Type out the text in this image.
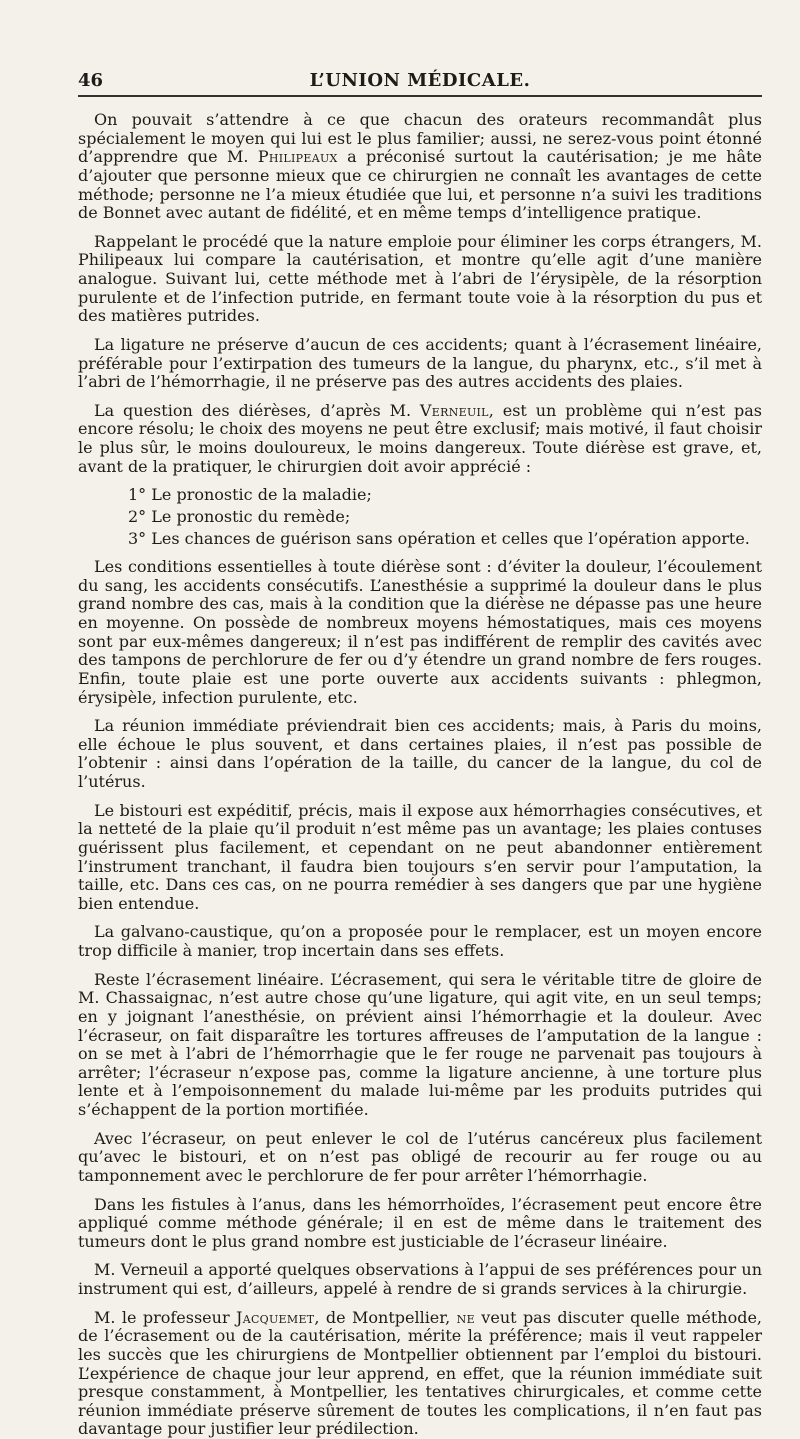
46	L’UNION MÉDICALE.

On pouvait s’attendre à ce que chacun des orateurs recommandât plus spécialement le moyen qui lui est le plus familier; aussi, ne serez-vous point étonné d’apprendre que M. Philipeaux a préconisé surtout la cautérisation; je me hâte d’ajouter que personne mieux que ce chirurgien ne connaît les avantages de cette méthode; personne ne l’a mieux étudiée que lui, et personne n’a suivi les traditions de Bonnet avec autant de fidélité, et en même temps d’intelligence pratique.

Rappelant le procédé que la nature emploie pour éliminer les corps étrangers, M. Philipeaux lui compare la cautérisation, et montre qu’elle agit d’une manière analogue. Suivant lui, cette méthode met à l’abri de l’érysipèle, de la résorption purulente et de l’infection putride, en fermant toute voie à la résorption du pus et des matières putrides.

La ligature ne préserve d’aucun de ces accidents; quant à l’écrasement linéaire, préférable pour l’extirpation des tumeurs de la langue, du pharynx, etc., s’il met à l’abri de l’hémorrhagie, il ne préserve pas des autres accidents des plaies.

La question des diérèses, d’après M. Verneuil, est un problème qui n’est pas encore résolu; le choix des moyens ne peut être exclusif; mais motivé, il faut choisir le plus sûr, le moins douloureux, le moins dangereux. Toute diérèse est grave, et, avant de la pratiquer, le chirurgien doit avoir apprécié :

1° Le pronostic de la maladie;

2° Le pronostic du remède;

3° Les chances de guérison sans opération et celles que l’opération apporte.

Les conditions essentielles à toute diérèse sont : d’éviter la douleur, l’écoulement du sang, les accidents consécutifs. L’anesthésie a supprimé la douleur dans le plus grand nombre des cas, mais à la condition que la diérèse ne dépasse pas une heure en moyenne. On possède de nombreux moyens hémostatiques, mais ces moyens sont par eux-mêmes dangereux; il n’est pas indifférent de remplir des cavités avec des tampons de perchlorure de fer ou d’y étendre un grand nombre de fers rouges. Enfin, toute plaie est une porte ouverte aux accidents suivants : phlegmon, érysipèle, infection purulente, etc.

La réunion immédiate préviendrait bien ces accidents; mais, à Paris du moins, elle échoue le plus souvent, et dans certaines plaies, il n’est pas possible de l’obtenir : ainsi dans l’opération de la taille, du cancer de la langue, du col de l’utérus.

Le bistouri est expéditif, précis, mais il expose aux hémorrhagies consécutives, et la netteté de la plaie qu’il produit n’est même pas un avantage; les plaies contuses guérissent plus facilement, et cependant on ne peut abandonner entièrement l’instrument tranchant, il faudra bien toujours s’en servir pour l’amputation, la taille, etc. Dans ces cas, on ne pourra remédier à ses dangers que par une hygiène bien entendue.

La galvano-caustique, qu’on a proposée pour le remplacer, est un moyen encore trop difficile à manier, trop incertain dans ses effets.

Reste l’écrasement linéaire. L’écrasement, qui sera le véritable titre de gloire de M. Chassaignac, n’est autre chose qu’une ligature, qui agit vite, en un seul temps; en y joignant l’anesthésie, on prévient ainsi l’hémorrhagie et la douleur. Avec l’écraseur, on fait disparaître les tortures affreuses de l’amputation de la langue : on se met à l’abri de l’hémorrhagie que le fer rouge ne parvenait pas toujours à arrêter; l’écraseur n’expose pas, comme la ligature ancienne, à une torture plus lente et à l’empoisonnement du malade lui-même par les produits putrides qui s’échappent de la portion mortifiée.

Avec l’écraseur, on peut enlever le col de l’utérus cancéreux plus facilement qu’avec le bistouri, et on n’est pas obligé de recourir au fer rouge ou au tamponnement avec le perchlorure de fer pour arrêter l’hémorrhagie.

Dans les fistules à l’anus, dans les hémorrhoïdes, l’écrasement peut encore être appliqué comme méthode générale; il en est de même dans le traitement des tumeurs dont le plus grand nombre est justiciable de l’écraseur linéaire.

M. Verneuil a apporté quelques observations à l’appui de ses préférences pour un instrument qui est, d’ailleurs, appelé à rendre de si grands services à la chirurgie.

M. le professeur Jacquemet, de Montpellier, ne veut pas discuter quelle méthode, de l’écrasement ou de la cautérisation, mérite la préférence; mais il veut rappeler les succès que les chirurgiens de Montpellier obtiennent par l’emploi du bistouri. L’expérience de chaque jour leur apprend, en effet, que la réunion immédiate suit presque constamment, à Montpellier, les tentatives chirurgicales, et comme cette réunion immédiate préserve sûrement de toutes les complications, il n’en faut pas davantage pour justifier leur prédilection.
